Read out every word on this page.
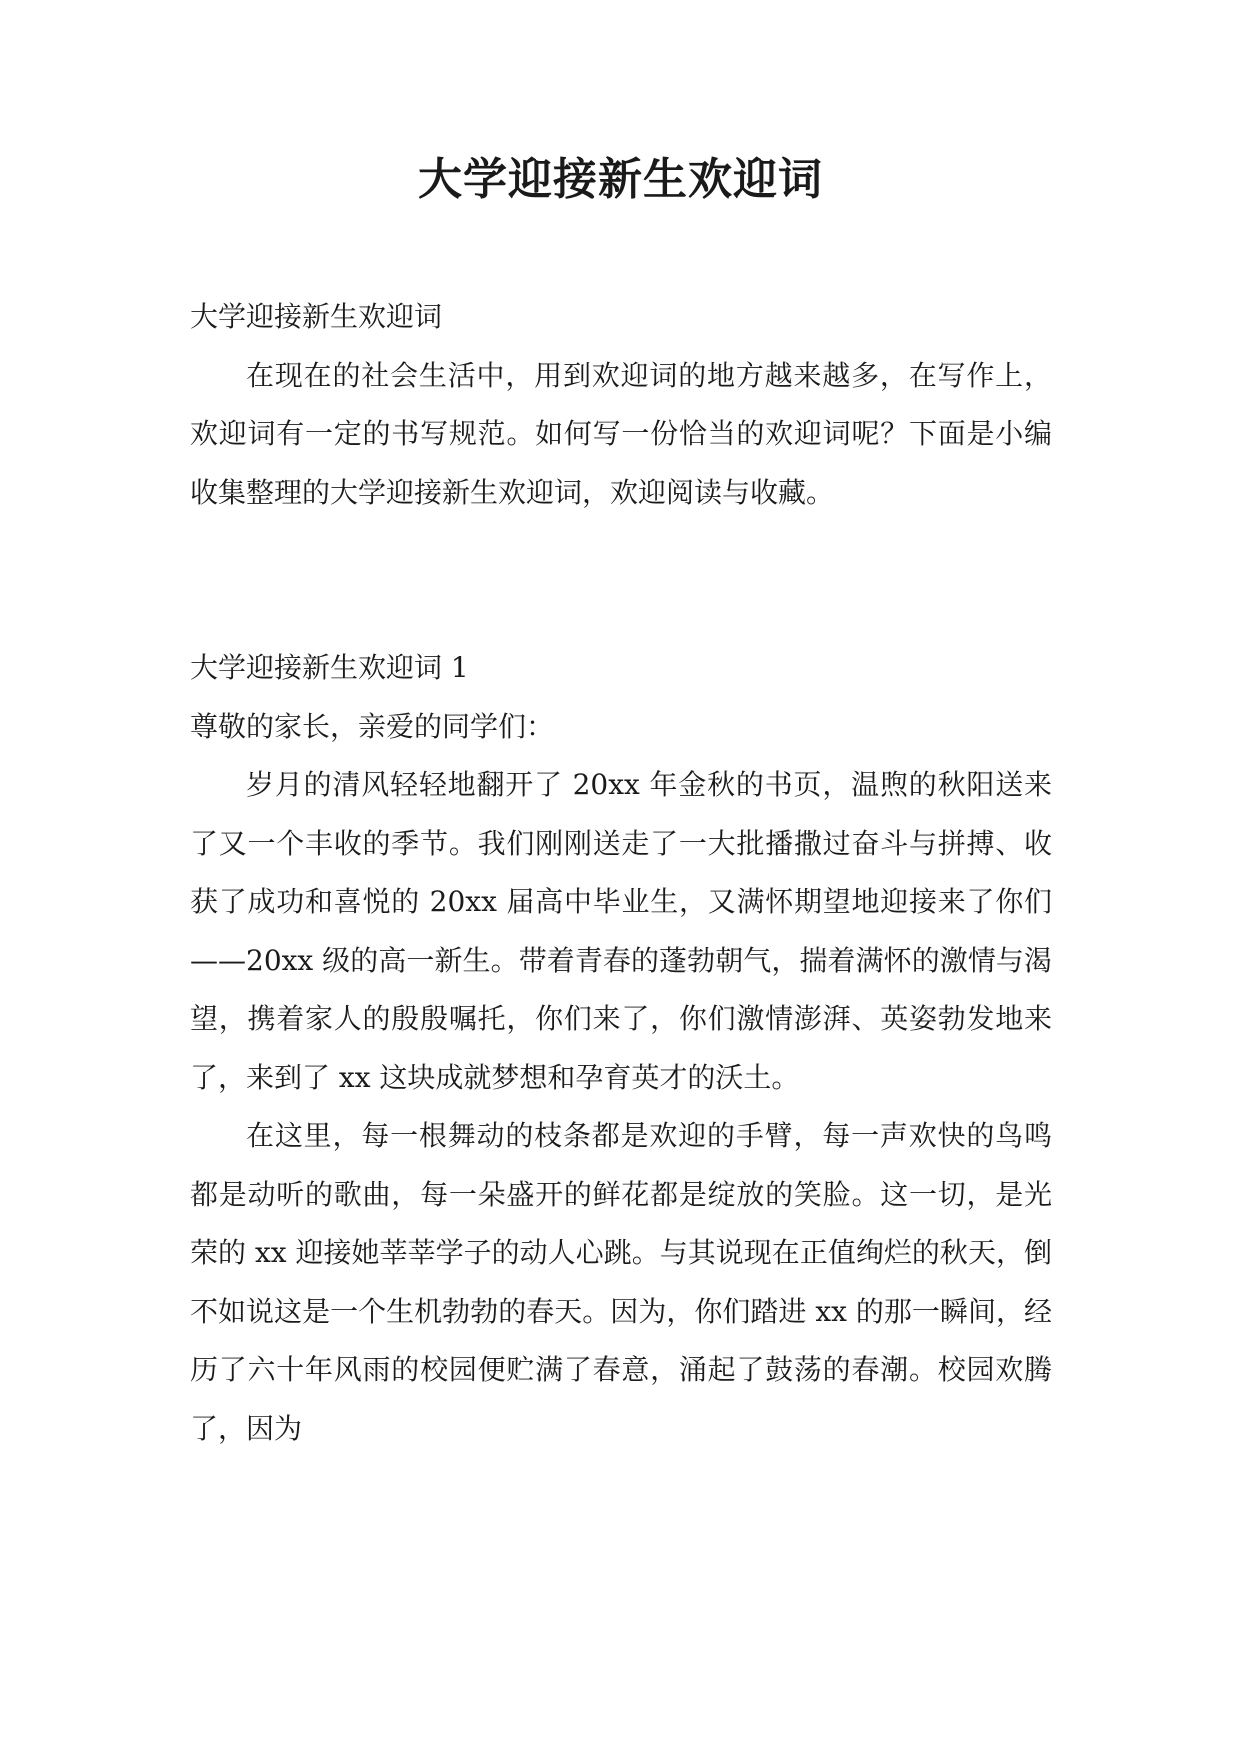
大学迎接新生欢迎词

大学迎接新生欢迎词

在现在的社会生活中，用到欢迎词的地方越来越多，在写作上，欢迎词有一定的书写规范。如何写一份恰当的欢迎词呢？下面是小编收集整理的大学迎接新生欢迎词，欢迎阅读与收藏。

大学迎接新生欢迎词 1

尊敬的家长，亲爱的同学们：

岁月的清风轻轻地翻开了 20xx 年金秋的书页，温煦的秋阳送来了又一个丰收的季节。我们刚刚送走了一大批播撒过奋斗与拼搏、收获了成功和喜悦的 20xx 届高中毕业生，又满怀期望地迎接来了你们——20xx 级的高一新生。带着青春的蓬勃朝气，揣着满怀的激情与渴望，携着家人的殷殷嘱托，你们来了，你们激情澎湃、英姿勃发地来了，来到了 xx 这块成就梦想和孕育英才的沃土。

在这里，每一根舞动的枝条都是欢迎的手臂，每一声欢快的鸟鸣都是动听的歌曲，每一朵盛开的鲜花都是绽放的笑脸。这一切，是光荣的 xx 迎接她莘莘学子的动人心跳。与其说现在正值绚烂的秋天，倒不如说这是一个生机勃勃的春天。因为，你们踏进 xx 的那一瞬间，经历了六十年风雨的校园便贮满了春意，涌起了鼓荡的春潮。校园欢腾了，因为
